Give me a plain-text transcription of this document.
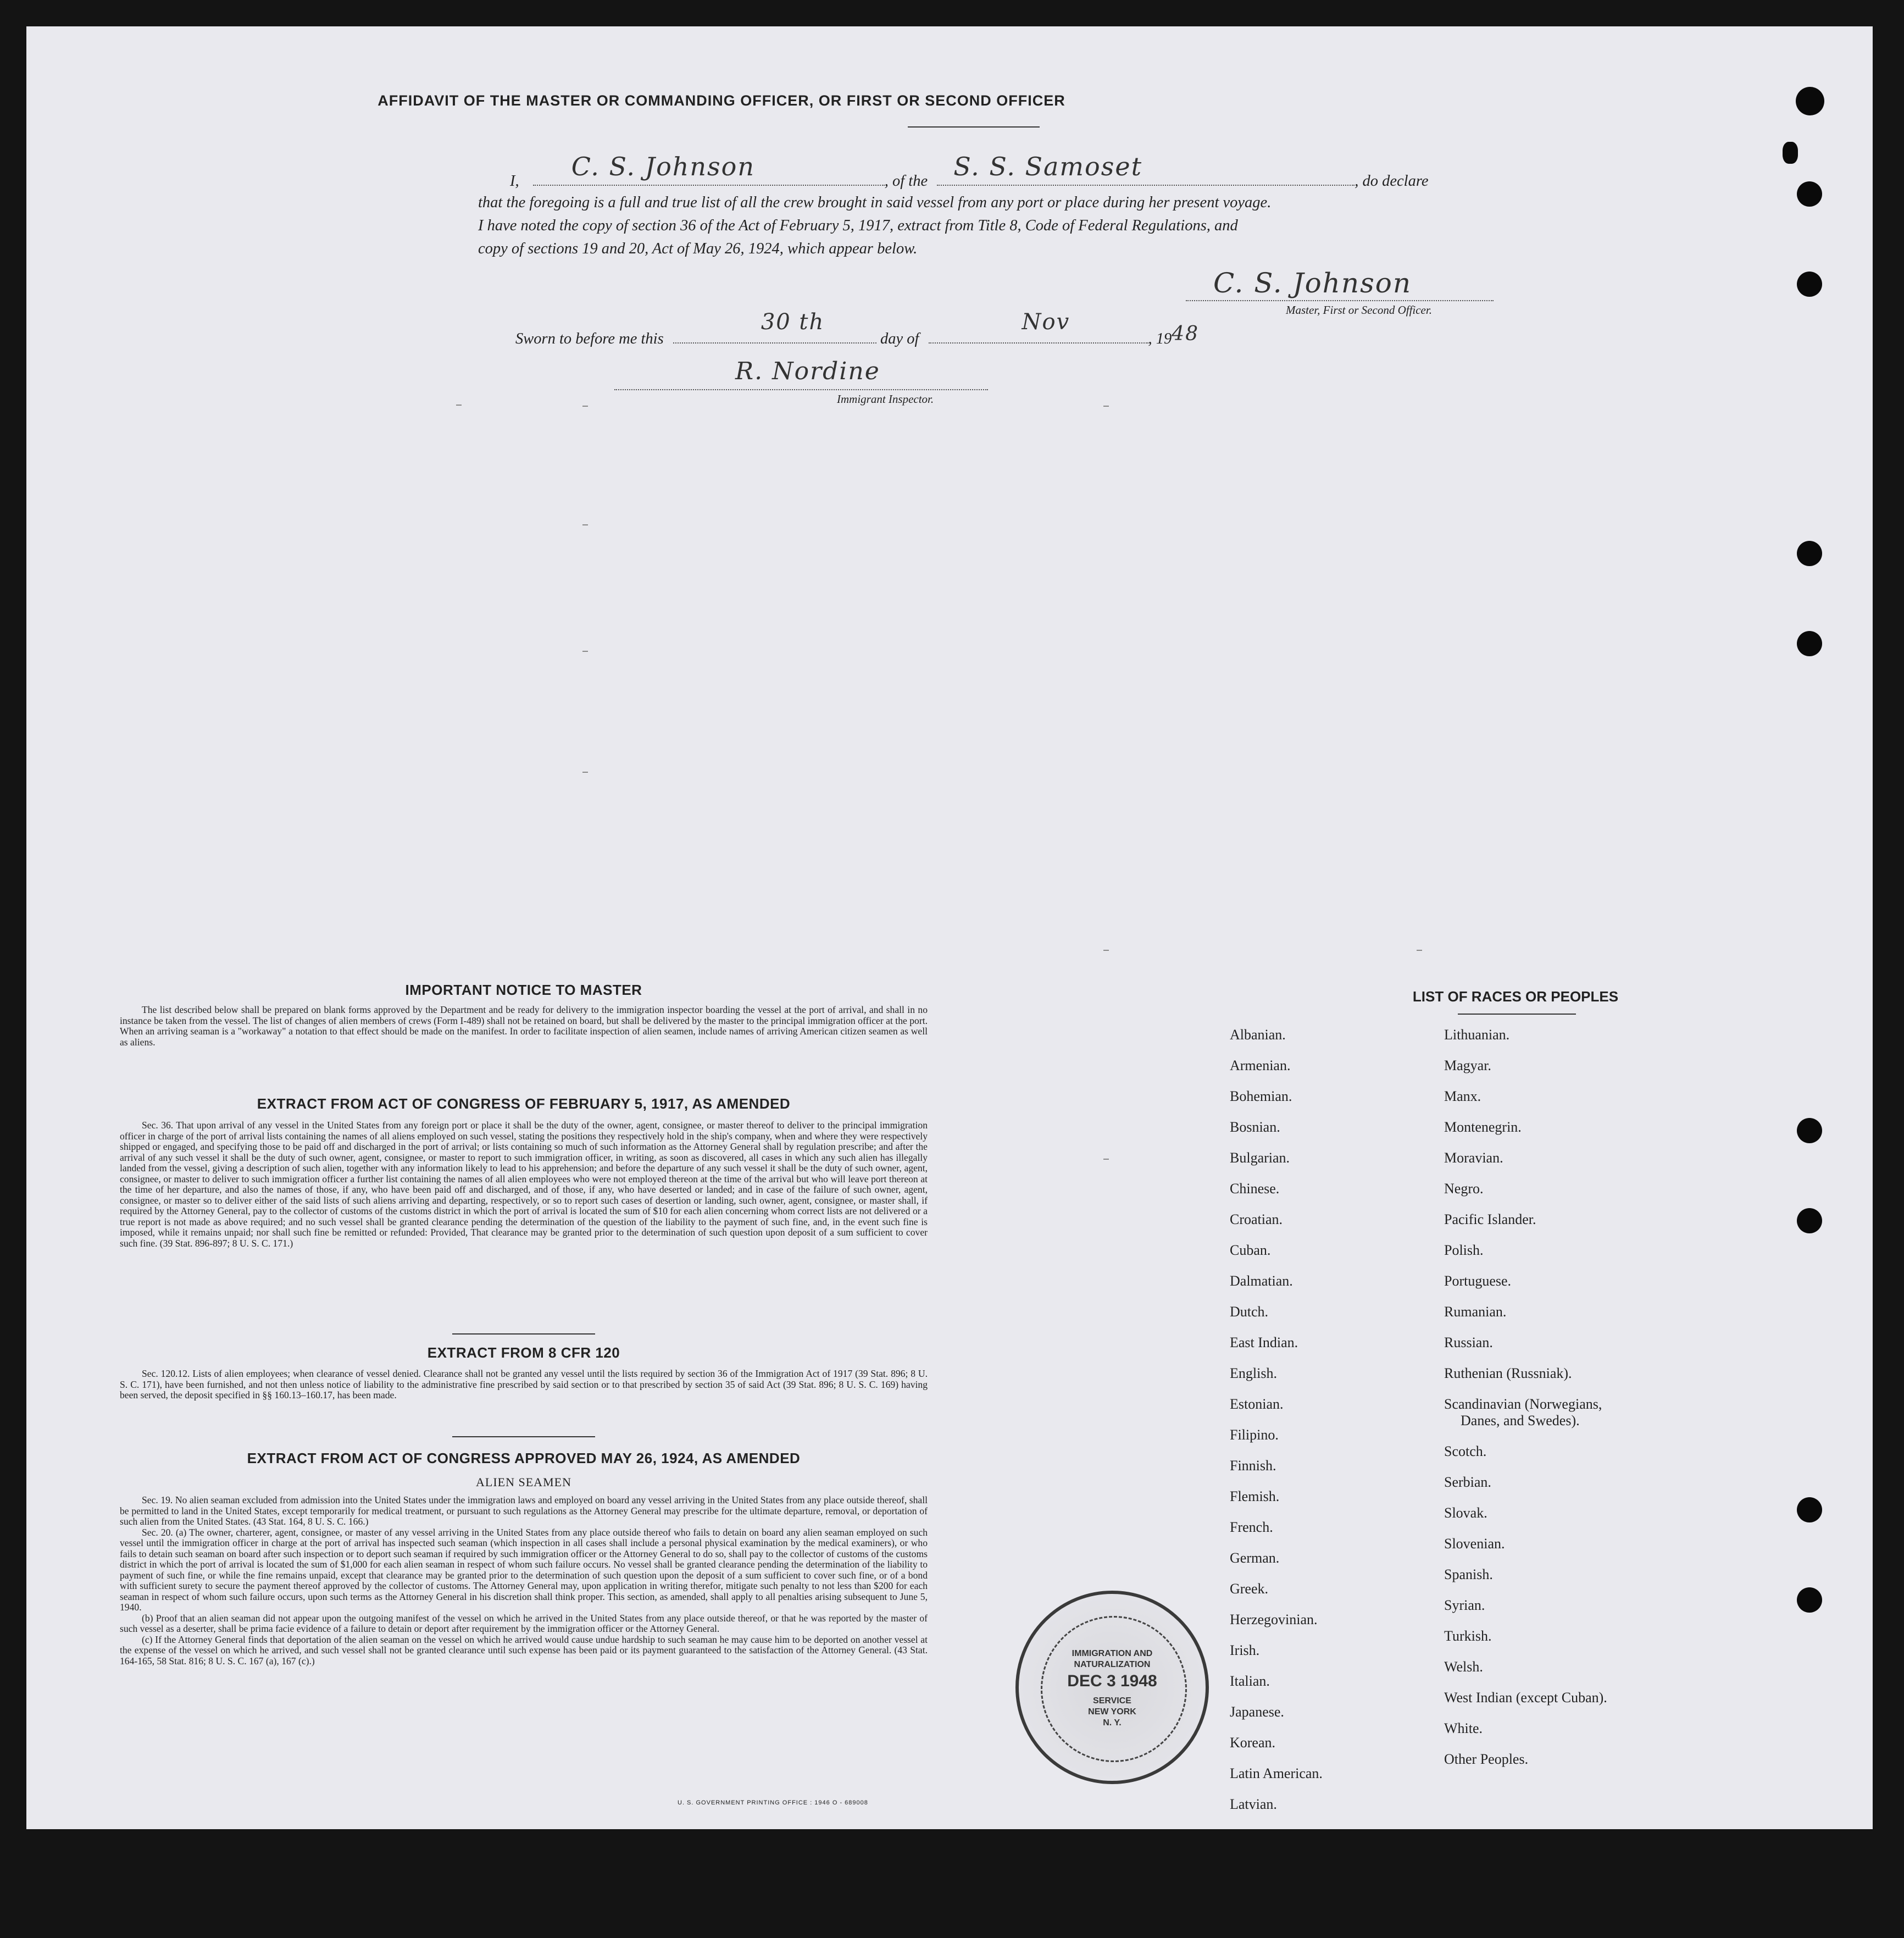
AFFIDAVIT OF THE MASTER OR COMMANDING OFFICER, OR FIRST OR SECOND OFFICER
I, C. S. Johnson	, of the S. S. Samoset	, do declare
that the foregoing is a full and true list of all the crew brought in said vessel from any port or place during her present voyage.
I have noted the copy of section 36 of the Act of February 5, 1917, extract from Title 8, Code of Federal Regulations, and
copy of sections 19 and 20, Act of May 26, 1924, which appear below.
C. S. Johnson
Master, First or Second Officer.
Sworn to before me this
30 th
day of
Nov
, 1948
R. Nordine
Immigrant Inspector.
IMPORTANT NOTICE TO MASTER

The list described below shall be prepared on blank forms approved by the Department and be ready for delivery to the immigration inspector boarding the vessel at the port of arrival, and shall in no instance be taken from the vessel. The list of changes of alien members of crews (Form I-489) shall not be retained on board, but shall be delivered by the master to the principal immigration officer at the port. When an arriving seaman is a "workaway" a notation to that effect should be made on the manifest. In order to facilitate inspection of alien seamen, include names of arriving American citizen seamen as well as aliens.

EXTRACT FROM ACT OF CONGRESS OF FEBRUARY 5, 1917, AS AMENDED

Sec. 36. That upon arrival of any vessel in the United States from any foreign port or place it shall be the duty of the owner, agent, consignee, or master thereof to deliver to the principal immigration officer in charge of the port of arrival lists containing the names of all aliens employed on such vessel, stating the positions they respectively hold in the ship's company, when and where they were respectively shipped or engaged, and specifying those to be paid off and discharged in the port of arrival; or lists containing so much of such information as the Attorney General shall by regulation prescribe; and after the arrival of any such vessel it shall be the duty of such owner, agent, consignee, or master to report to such immigration officer, in writing, as soon as discovered, all cases in which any such alien has illegally landed from the vessel, giving a description of such alien, together with any information likely to lead to his apprehension; and before the departure of any such vessel it shall be the duty of such owner, agent, consignee, or master to deliver to such immigration officer a further list containing the names of all alien employees who were not employed thereon at the time of the arrival but who will leave port thereon at the time of her departure, and also the names of those, if any, who have been paid off and discharged, and of those, if any, who have deserted or landed; and in case of the failure of such owner, agent, consignee, or master so to deliver either of the said lists of such aliens arriving and departing, respectively, or so to report such cases of desertion or landing, such owner, agent, consignee, or master shall, if required by the Attorney General, pay to the collector of customs of the customs district in which the port of arrival is located the sum of $10 for each alien concerning whom correct lists are not delivered or a true report is not made as above required; and no such vessel shall be granted clearance pending the determination of the question of the liability to the payment of such fine, and, in the event such fine is imposed, while it remains unpaid; nor shall such fine be remitted or refunded: Provided, That clearance may be granted prior to the determination of such question upon deposit of a sum sufficient to cover such fine. (39 Stat. 896-897; 8 U. S. C. 171.)

EXTRACT FROM 8 CFR 120

Sec. 120.12. Lists of alien employees; when clearance of vessel denied. Clearance shall not be granted any vessel until the lists required by section 36 of the Immigration Act of 1917 (39 Stat. 896; 8 U. S. C. 171), have been furnished, and not then unless notice of liability to the administrative fine prescribed by said section or to that prescribed by section 35 of said Act (39 Stat. 896; 8 U. S. C. 169) having been served, the deposit specified in §§ 160.13–160.17, has been made.

EXTRACT FROM ACT OF CONGRESS APPROVED MAY 26, 1924, AS AMENDED
ALIEN SEAMEN

Sec. 19. No alien seaman excluded from admission into the United States under the immigration laws and employed on board any vessel arriving in the United States from any place outside thereof, shall be permitted to land in the United States, except temporarily for medical treatment, or pursuant to such regulations as the Attorney General may prescribe for the ultimate departure, removal, or deportation of such alien from the United States. (43 Stat. 164, 8 U. S. C. 166.)

Sec. 20. (a) The owner, charterer, agent, consignee, or master of any vessel arriving in the United States from any place outside thereof who fails to detain on board any alien seaman employed on such vessel until the immigration officer in charge at the port of arrival has inspected such seaman (which inspection in all cases shall include a personal physical examination by the medical examiners), or who fails to detain such seaman on board after such inspection or to deport such seaman if required by such immigration officer or the Attorney General to do so, shall pay to the collector of customs of the customs district in which the port of arrival is located the sum of $1,000 for each alien seaman in respect of whom such failure occurs. No vessel shall be granted clearance pending the determination of the liability to payment of such fine, or while the fine remains unpaid, except that clearance may be granted prior to the determination of such question upon the deposit of a sum sufficient to cover such fine, or of a bond with sufficient surety to secure the payment thereof approved by the collector of customs. The Attorney General may, upon application in writing therefor, mitigate such penalty to not less than $200 for each seaman in respect of whom such failure occurs, upon such terms as the Attorney General in his discretion shall think proper. This section, as amended, shall apply to all penalties arising subsequent to June 5, 1940.

(b) Proof that an alien seaman did not appear upon the outgoing manifest of the vessel on which he arrived in the United States from any place outside thereof, or that he was reported by the master of such vessel as a deserter, shall be prima facie evidence of a failure to detain or deport after requirement by the immigration officer or the Attorney General.

(c) If the Attorney General finds that deportation of the alien seaman on the vessel on which he arrived would cause undue hardship to such seaman he may cause him to be deported on another vessel at the expense of the vessel on which he arrived, and such vessel shall not be granted clearance until such expense has been paid or its payment guaranteed to the satisfaction of the Attorney General. (43 Stat. 164-165, 58 Stat. 816; 8 U. S. C. 167 (a), 167 (c).)

LIST OF RACES OR PEOPLES
Albanian.
Armenian.
Bohemian.
Bosnian.
Bulgarian.
Chinese.
Croatian.
Cuban.
Dalmatian.
Dutch.
East Indian.
English.
Estonian.
Filipino.
Finnish.
Flemish.
French.
German.
Greek.
Herzegovinian.
Irish.
Italian.
Japanese.
Korean.
Latin American.
Latvian.
Lithuanian.
Magyar.
Manx.
Montenegrin.
Moravian.
Negro.
Pacific Islander.
Polish.
Portuguese.
Rumanian.
Russian.
Ruthenian (Russniak).
Scandinavian (Norwegians,
Danes, and Swedes).
Scotch.
Serbian.
Slovak.
Slovenian.
Spanish.
Syrian.
Turkish.
Welsh.
West Indian (except Cuban).
White.
Other Peoples.
IMMIGRATION AND
NATURALIZATION
DEC 3 1948
SERVICE
NEW YORK
N. Y.
U. S. GOVERNMENT PRINTING OFFICE : 1946 O - 689008
